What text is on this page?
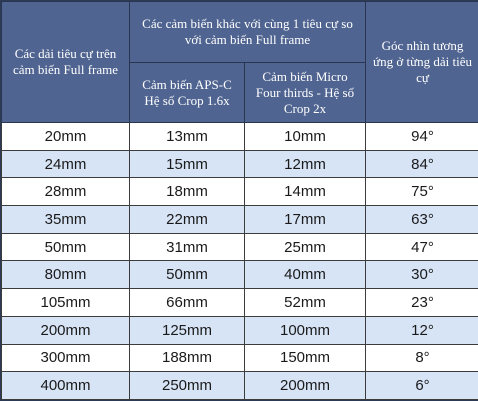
Các dải tiêu cự trên cảm biến Full frame	Các cảm biến khác với cùng 1 tiêu cự so với cảm biến Full frame		Góc nhìn tương ứng ở từng dải tiêu cự
	Cảm biến APS-C Hệ số Crop 1.6x	Cảm biến Micro Four thirds - Hệ số Crop 2x	
20mm	13mm	10mm	94°
24mm	15mm	12mm	84°
28mm	18mm	14mm	75°
35mm	22mm	17mm	63°
50mm	31mm	25mm	47°
80mm	50mm	40mm	30°
105mm	66mm	52mm	23°
200mm	125mm	100mm	12°
300mm	188mm	150mm	8°
400mm	250mm	200mm	6°
